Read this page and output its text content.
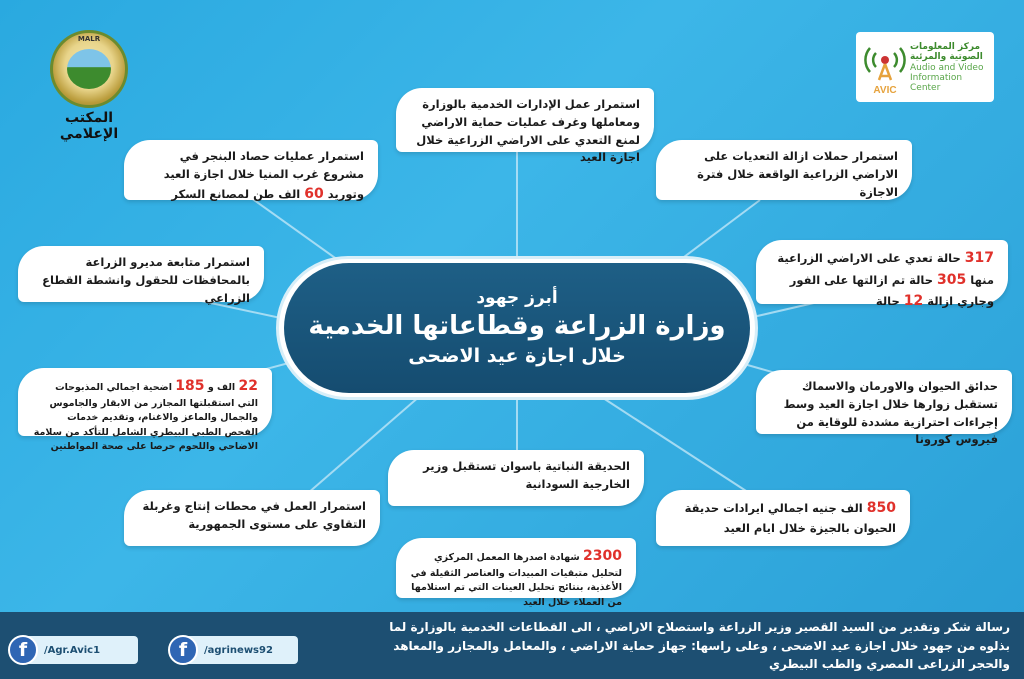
MALR
المكتب الإعلامي
AVIC
مركز المعلومات
الصوتية والمرئية
Audio and Video
Information Center
أبرز جهود
وزارة الزراعة وقطاعاتها الخدمية
خلال اجازة عيد الاضحى
استمرار عمل الإدارات الخدمية بالوزارة ومعاملها وغرف عمليات حماية الاراضي لمنع التعدي على الاراضي الزراعية خلال اجازة العيد
استمرار عمليات حصاد البنجر في مشروع غرب المنيا خلال اجازة العيد وتوريد 60 الف طن لمصانع السكر
استمرار حملات ازالة التعديات على الاراضي الزراعية الواقعة خلال فترة الاجازة
استمرار متابعة مديرو الزراعة بالمحافظات للحقول وانشطة القطاع الزراعي
317 حالة تعدي على الاراضي الزراعية
منها 305 حالة تم ازالتها على الفور وجاري ازالة 12 حالة
22 الف و 185 اضحية اجمالي المذبوحات التي استقبلتها المجازر من الابقار والجاموس والجمال والماعز والاغنام، وتقديم خدمات الفحص الطبي البيطري الشامل للتأكد من سلامة الاضاحي واللحوم حرصا على صحة المواطنين
حدائق الحيوان والاورمان والاسماك تستقبل زوارها خلال اجازة العيد وسط إجراءات احترازية مشددة للوقاية من فيروس كورونا
الحديقة النباتية باسوان تستقبل وزير الخارجية السودانية
استمرار العمل في محطات إنتاج وغربلة التقاوي على مستوى الجمهورية
850 الف جنيه اجمالي ايرادات حديقة الحيوان بالجيزة خلال ايام العيد
2300 شهادة اصدرها المعمل المركزي لتحليل متبقيات المبيدات والعناصر الثقيلة في الأغذية، بنتائج تحليل العينات التي تم استلامها من العملاء خلال العيد
رسالة شكر وتقدير من السيد القصير وزير الزراعة واستصلاح الاراضي ، الى القطاعات الخدمية بالوزارة لما بذلوه من جهود خلال اجازة عيد الاضحى ، وعلى راسها: جهاز حماية الاراضي ، والمعامل والمجازر والمعاهد والحجر الزراعى المصري والطب البيطري
f	/Agr.Avic1	f	/agrinews92
